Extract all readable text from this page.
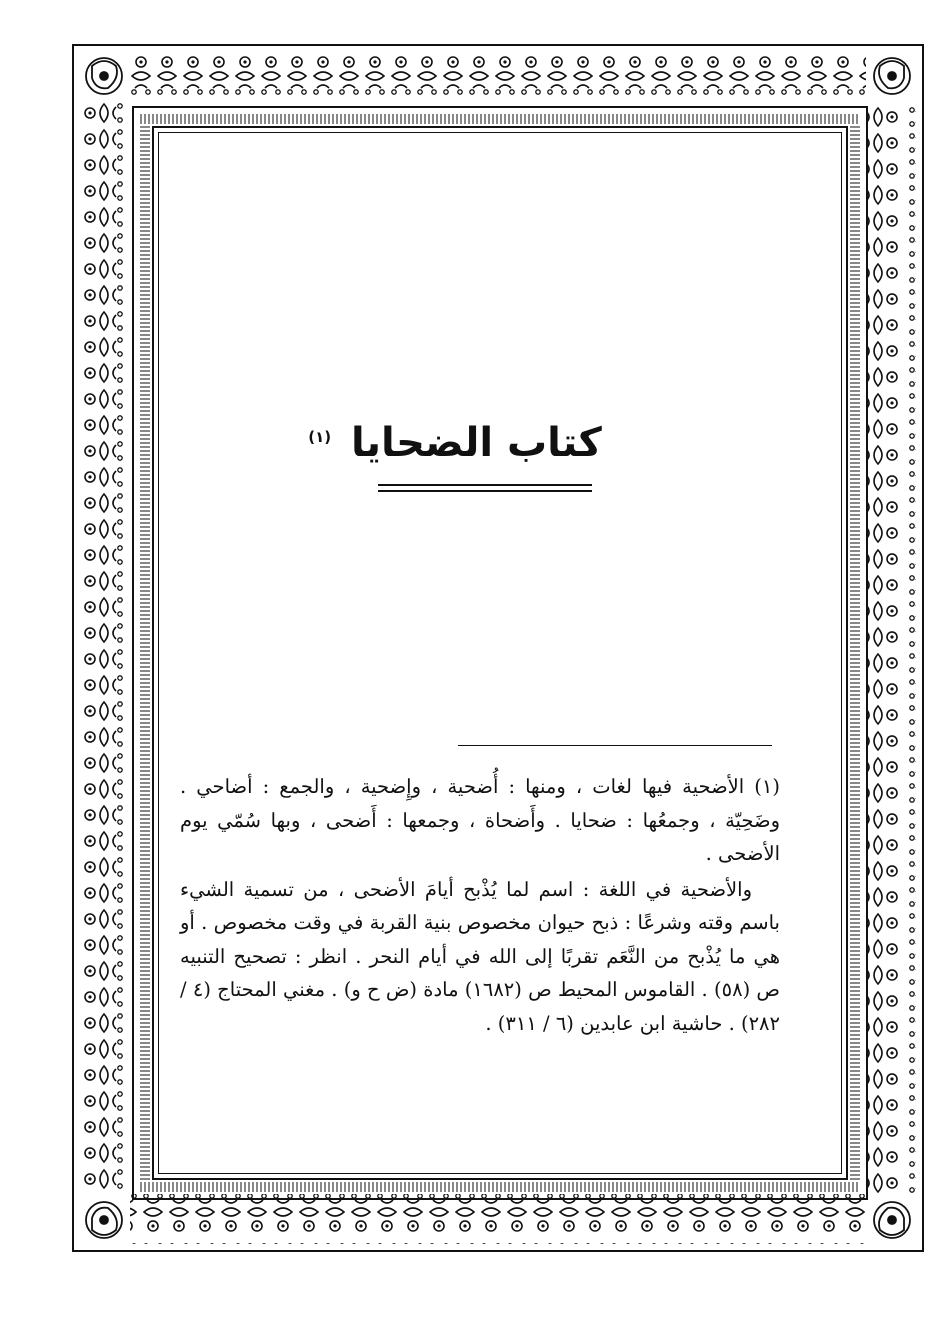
كتاب الضحايا $^{(١)}$

(١) الأضحية فيها لغات ، ومنها : أُضحية ، وإِضحية ، والجمع : أضاحي . وضَحِيّة ، وجمعُها : ضحايا . وأَضحاة ، وجمعها : أَضحى ، وبها سُمّي يوم الأضحى .

والأضحية في اللغة : اسم لما يُذْبح أيامَ الأضحى ، من تسمية الشيء باسم وقته وشرعًا : ذبح حيوان مخصوص بنية القربة في وقت مخصوص . أو هي ما يُذْبح من النَّعَم تقربًا إلى الله في أيام النحر . انظر : تصحيح التنبيه ص (٥٨) . القاموس المحيط ص (١٦٨٢) مادة (ض ح و) . مغني المحتاج (٤ / ٢٨٢) . حاشية ابن عابدين (٦ / ٣١١) .
